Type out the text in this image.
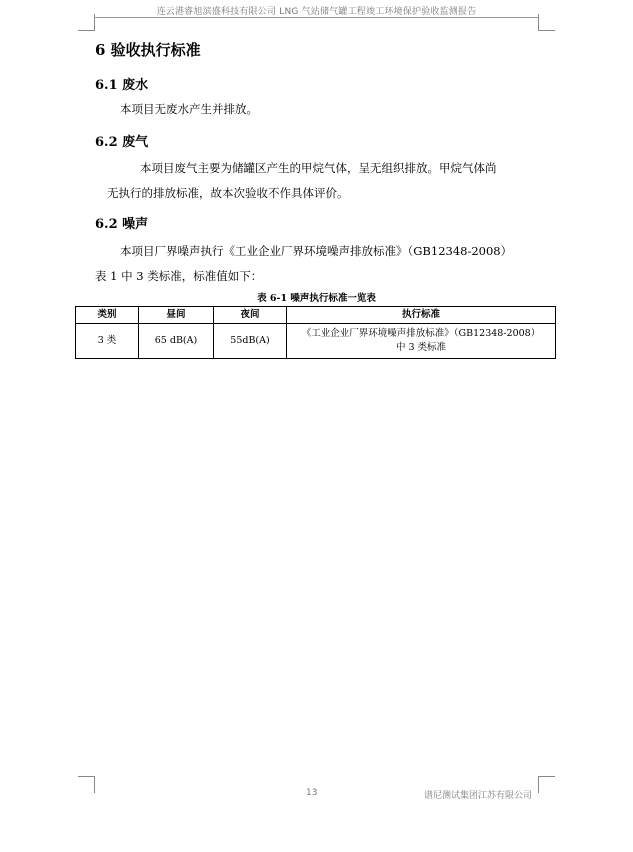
连云港睿旭滨盛科技有限公司 LNG 气站储气罐工程竣工环境保护验收监测报告
6 验收执行标准
6.1 废水
本项目无废水产生并排放。
6.2 废气
本项目废气主要为储罐区产生的甲烷气体，呈无组织排放。甲烷气体尚
无执行的排放标准，故本次验收不作具体评价。
6.2 噪声
本项目厂界噪声执行《工业企业厂界环境噪声排放标准》（GB12348-2008）
表 1 中 3 类标准，标准值如下：
表 6-1 噪声执行标准一览表
类别	昼间	夜间	执行标准
3 类	65 dB(A)	55dB(A)	《工业企业厂界环境噪声排放标准》（GB12348-2008）
中 3 类标准
13	谱尼测试集团江苏有限公司
